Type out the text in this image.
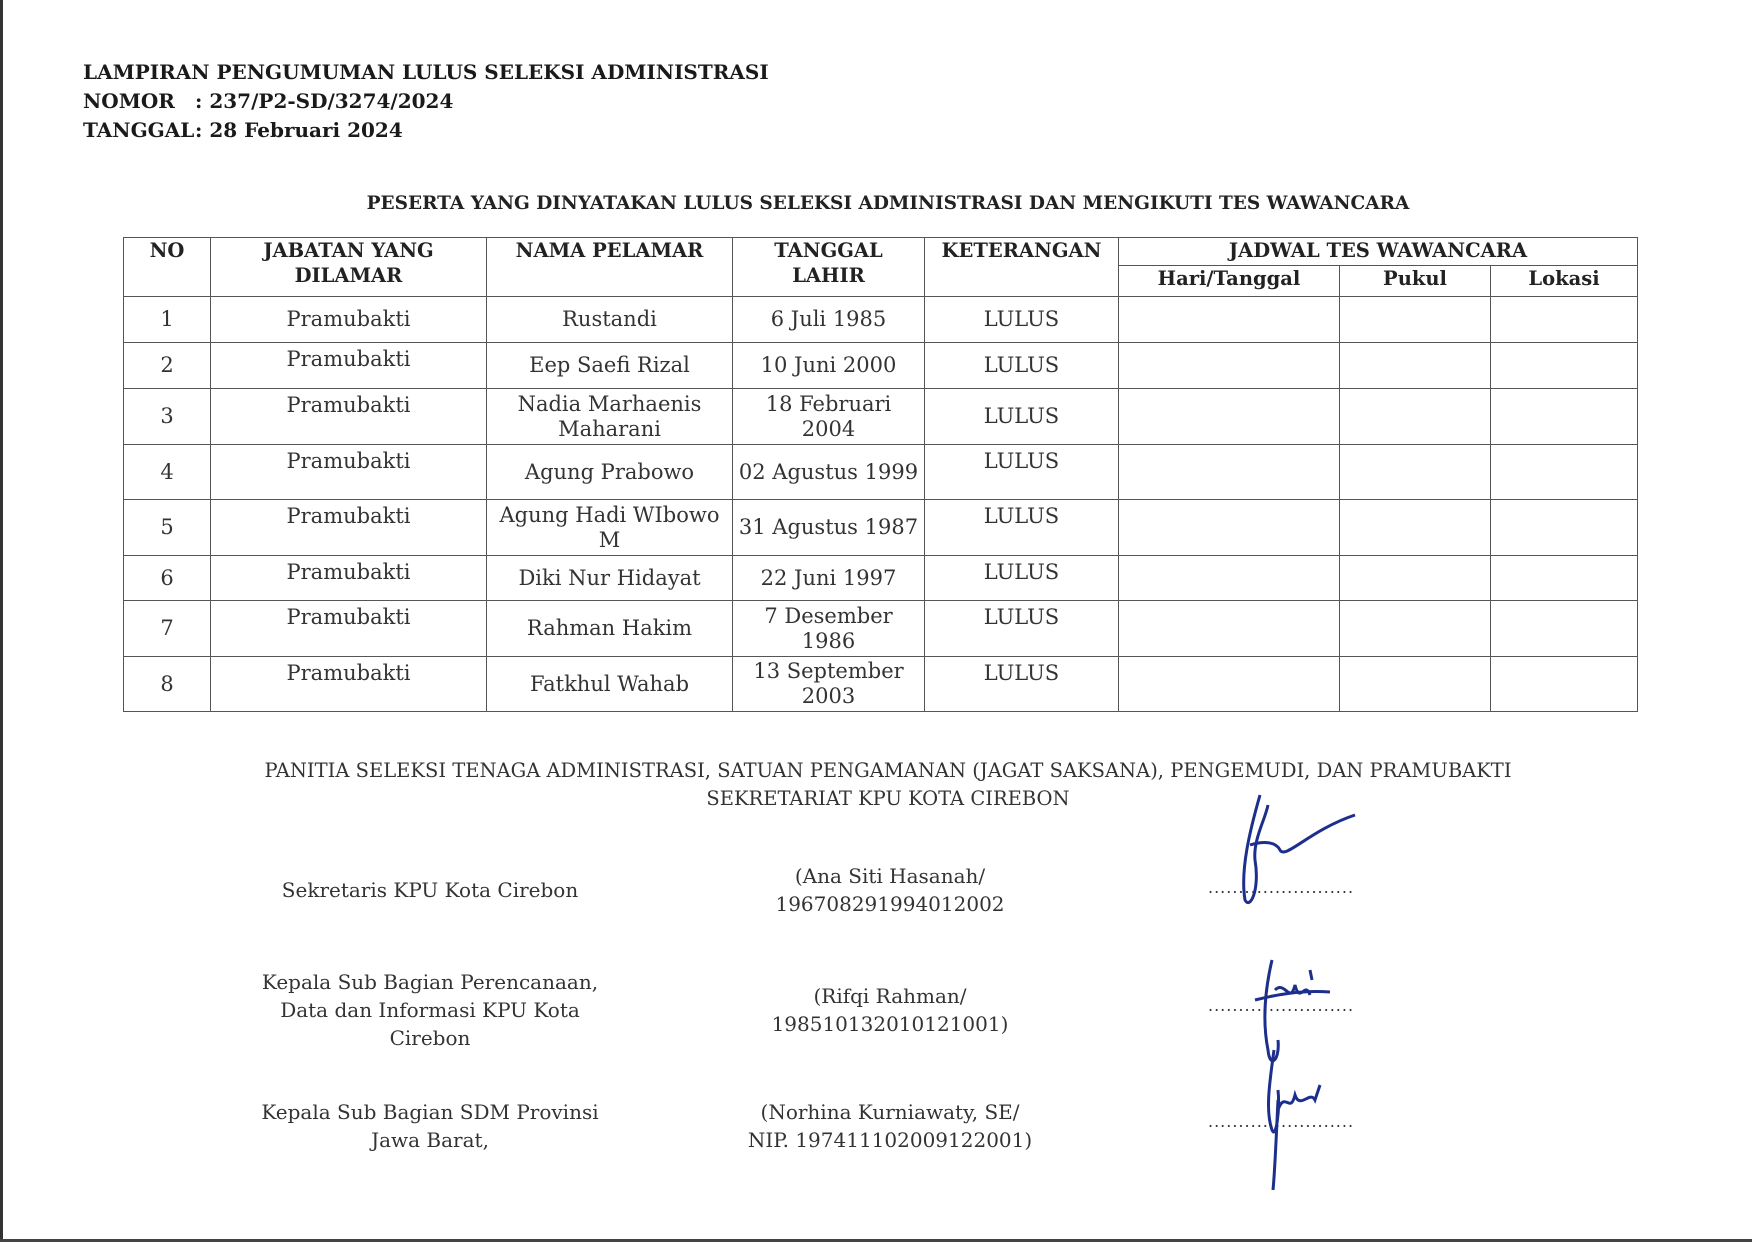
LAMPIRAN PENGUMUMAN LULUS SELEKSI ADMINISTRASI
NOMOR : 237/P2-SD/3274/2024
TANGGAL: 28 Februari 2024
PESERTA YANG DINYATAKAN LULUS SELEKSI ADMINISTRASI DAN MENGIKUTI TES WAWANCARA
NO	JABATAN YANG DILAMAR	NAMA PELAMAR	TANGGAL LAHIR	KETERANGAN	JADWAL TES WAWANCARA		
					Hari/Tanggal	Pukul	Lokasi
1	Pramubakti	Rustandi	6 Juli 1985	LULUS			
2	Pramubakti	Eep Saefi Rizal	10 Juni 2000	LULUS			
3	Pramubakti	Nadia Marhaenis Maharani	18 Februari 2004	LULUS			
4	Pramubakti	Agung Prabowo	02 Agustus 1999	LULUS			
5	Pramubakti	Agung Hadi WIbowo M	31 Agustus 1987	LULUS			
6	Pramubakti	Diki Nur Hidayat	22 Juni 1997	LULUS			
7	Pramubakti	Rahman Hakim	7 Desember 1986	LULUS			
8	Pramubakti	Fatkhul Wahab	13 September 2003	LULUS			
PANITIA SELEKSI TENAGA ADMINISTRASI, SATUAN PENGAMANAN (JAGAT SAKSANA), PENGEMUDI, DAN PRAMUBAKTI
SEKRETARIAT KPU KOTA CIREBON
Sekretaris KPU Kota Cirebon
(Ana Siti Hasanah/
196708291994012002
........................
Kepala Sub Bagian Perencanaan, Data dan Informasi KPU Kota Cirebon
(Rifqi Rahman/
198510132010121001)
........................
Kepala Sub Bagian SDM Provinsi Jawa Barat,
(Norhina Kurniawaty, SE/
NIP. 197411102009122001)
........................
